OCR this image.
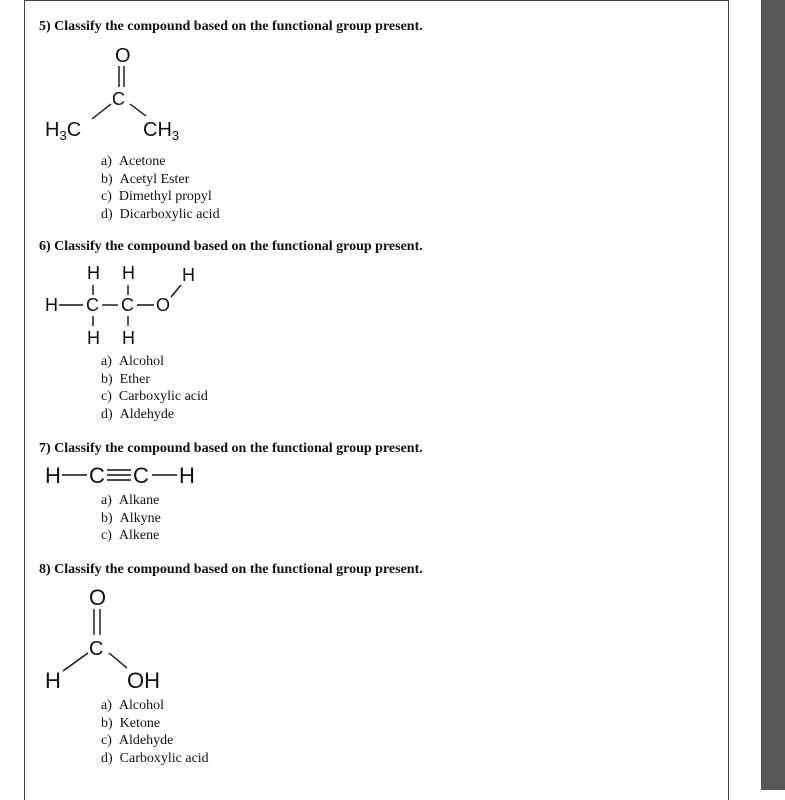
5) Classify the compound based on the functional group present.
O
C
$H_3C$	$CH_3$
a)  Acetone
b)  Acetyl Ester
c)  Dimethyl propyl
d)  Dicarboxylic acid
6) Classify the compound based on the functional group present.
H H	H
H C C O
H H
a)  Alcohol
b)  Ether
c)  Carboxylic acid
d)  Aldehyde
7) Classify the compound based on the functional group present.
H C C H
a)  Alkane
b)  Alkyne
c)  Alkene
8) Classify the compound based on the functional group present.
O
C
H	OH
a)  Alcohol
b)  Ketone
c)  Aldehyde
d)  Carboxylic acid
